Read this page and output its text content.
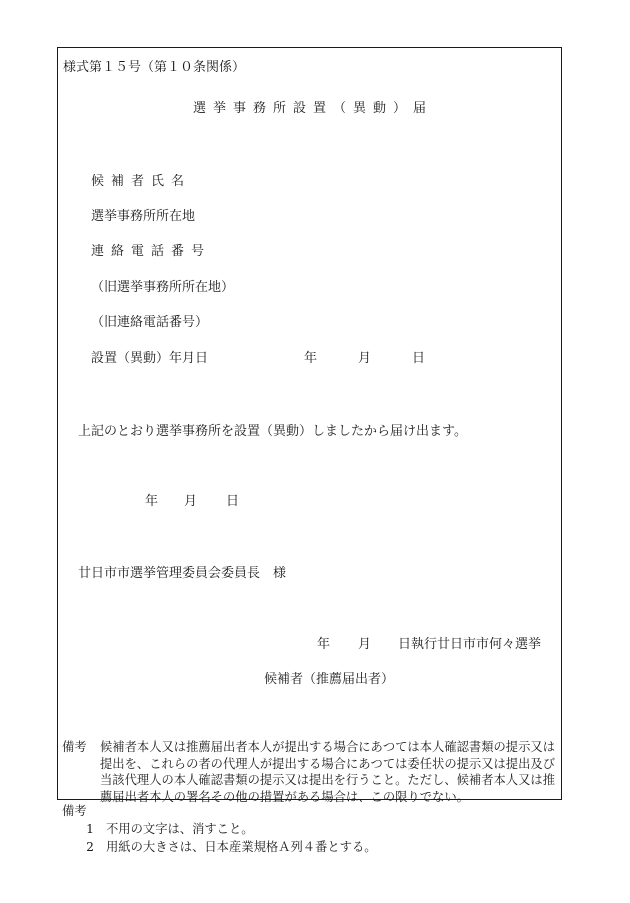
様式第１５号（第１０条関係）
選挙事務所設置（異動）届
候補者氏名
選挙事務所所在地
連絡電話番号
（旧選挙事務所所在地）
（旧連絡電話番号）
設置（異動）年月日	年	月	日
上記のとおり選挙事務所を設置（異動）しましたから届け出ます。
年 月 日
廿日市市選挙管理委員会委員長　様
年 月 日執行廿日市市何々選挙
候補者（推薦届出者）
備考	候補者本人又は推薦届出者本人が提出する場合にあつては本人確認書類の提示又は提出を、これらの者の代理人が提出する場合にあつては委任状の提示又は提出及び当該代理人の本人確認書類の提示又は提出を行うこと。ただし、候補者本人又は推薦届出者本人の署名その他の措置がある場合は、この限りでない。
備考
1 不用の文字は、消すこと。
2 用紙の大きさは、日本産業規格Ａ列４番とする。
